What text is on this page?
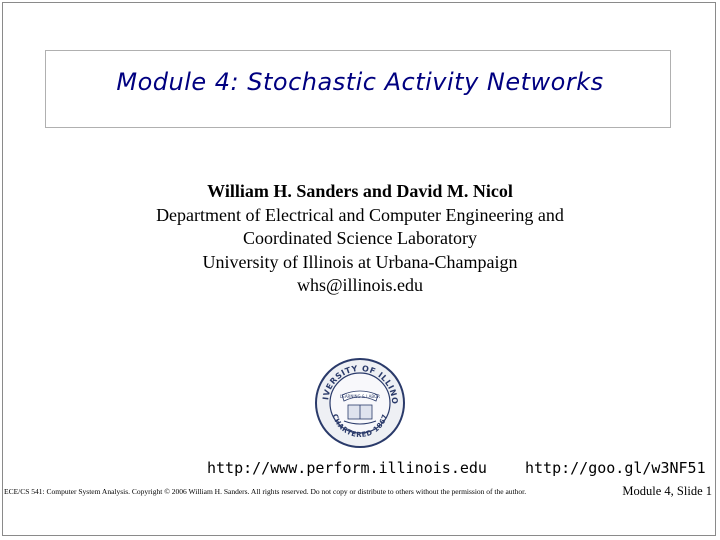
Module 4: Stochastic Activity Networks
William H. Sanders and David M. Nicol
Department of Electrical and Computer Engineering and
Coordinated Science Laboratory
University of Illinois at Urbana-Champaign
whs@illinois.edu
IVERSITY OF ILLINO
CHARTERED 1867
LEARNING & LABOR
http://www.perform.illinois.edu	http://goo.gl/w3NF51
ECE/CS 541: Computer System Analysis. Copyright © 2006 William H. Sanders. All rights reserved. Do not copy or distribute to others without the permission of the author.	Module 4, Slide 1
